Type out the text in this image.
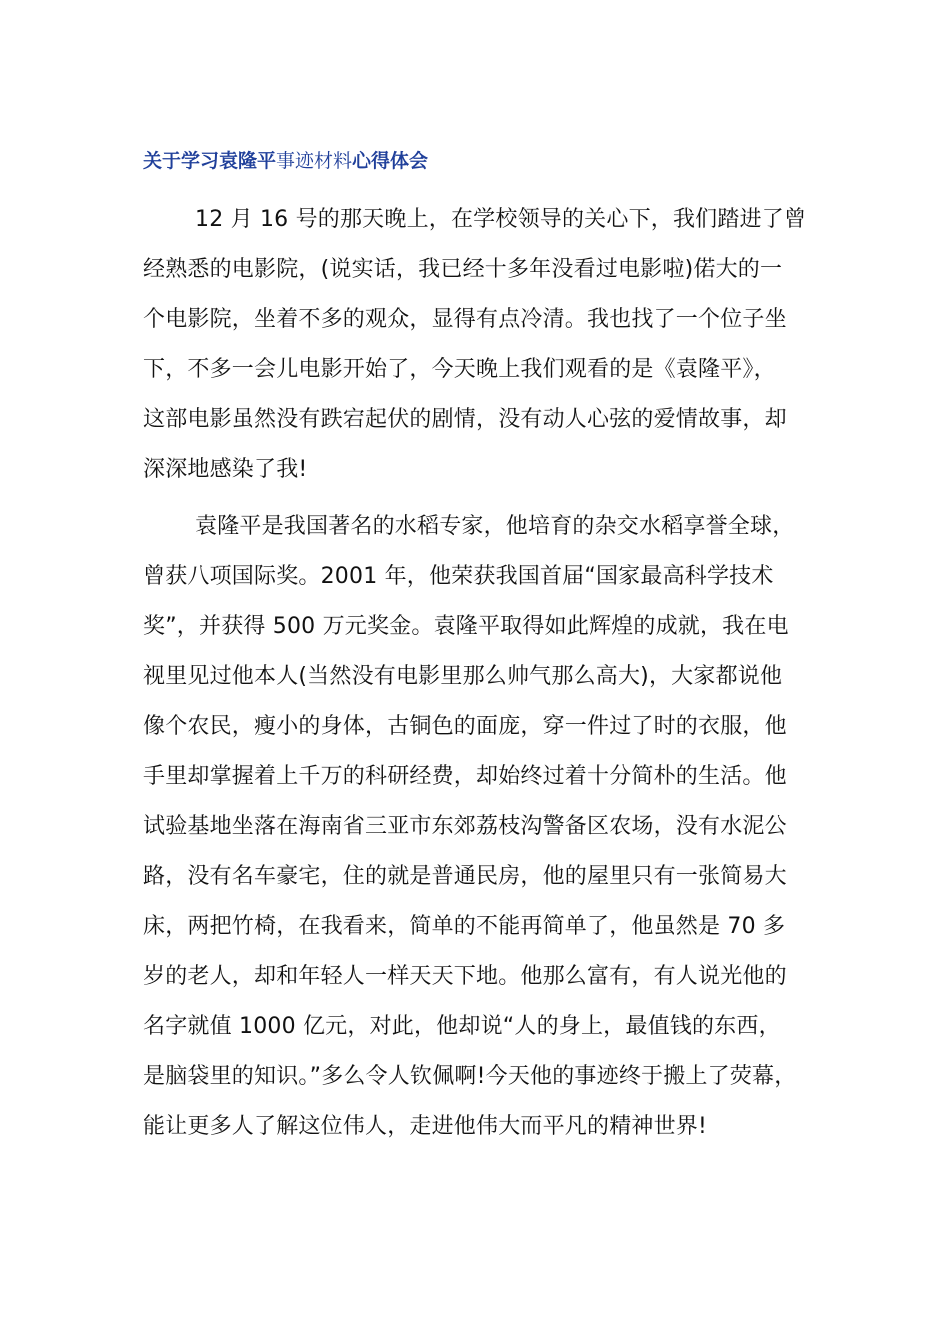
关于学习袁隆平事迹材料心得体会
12 月 16 号的那天晚上，在学校领导的关心下，我们踏进了曾
经熟悉的电影院，(说实话，我已经十多年没看过电影啦)偌大的一
个电影院，坐着不多的观众，显得有点冷清。我也找了一个位子坐
下，不多一会儿电影开始了，今天晚上我们观看的是《袁隆平》，
这部电影虽然没有跌宕起伏的剧情，没有动人心弦的爱情故事，却
深深地感染了我!
袁隆平是我国著名的水稻专家，他培育的杂交水稻享誉全球，
曾获八项国际奖。2001 年，他荣获我国首届“国家最高科学技术
奖”，并获得 500 万元奖金。袁隆平取得如此辉煌的成就，我在电
视里见过他本人(当然没有电影里那么帅气那么高大)，大家都说他
像个农民，瘦小的身体，古铜色的面庞，穿一件过了时的衣服，他
手里却掌握着上千万的科研经费，却始终过着十分简朴的生活。他
试验基地坐落在海南省三亚市东郊荔枝沟警备区农场，没有水泥公
路，没有名车豪宅，住的就是普通民房，他的屋里只有一张简易大
床，两把竹椅，在我看来，简单的不能再简单了，他虽然是 70 多
岁的老人，却和年轻人一样天天下地。他那么富有，有人说光他的
名字就值 1000 亿元，对此，他却说“人的身上，最值钱的东西，
是脑袋里的知识。”多么令人钦佩啊!今天他的事迹终于搬上了荧幕，
能让更多人了解这位伟人，走进他伟大而平凡的精神世界!
